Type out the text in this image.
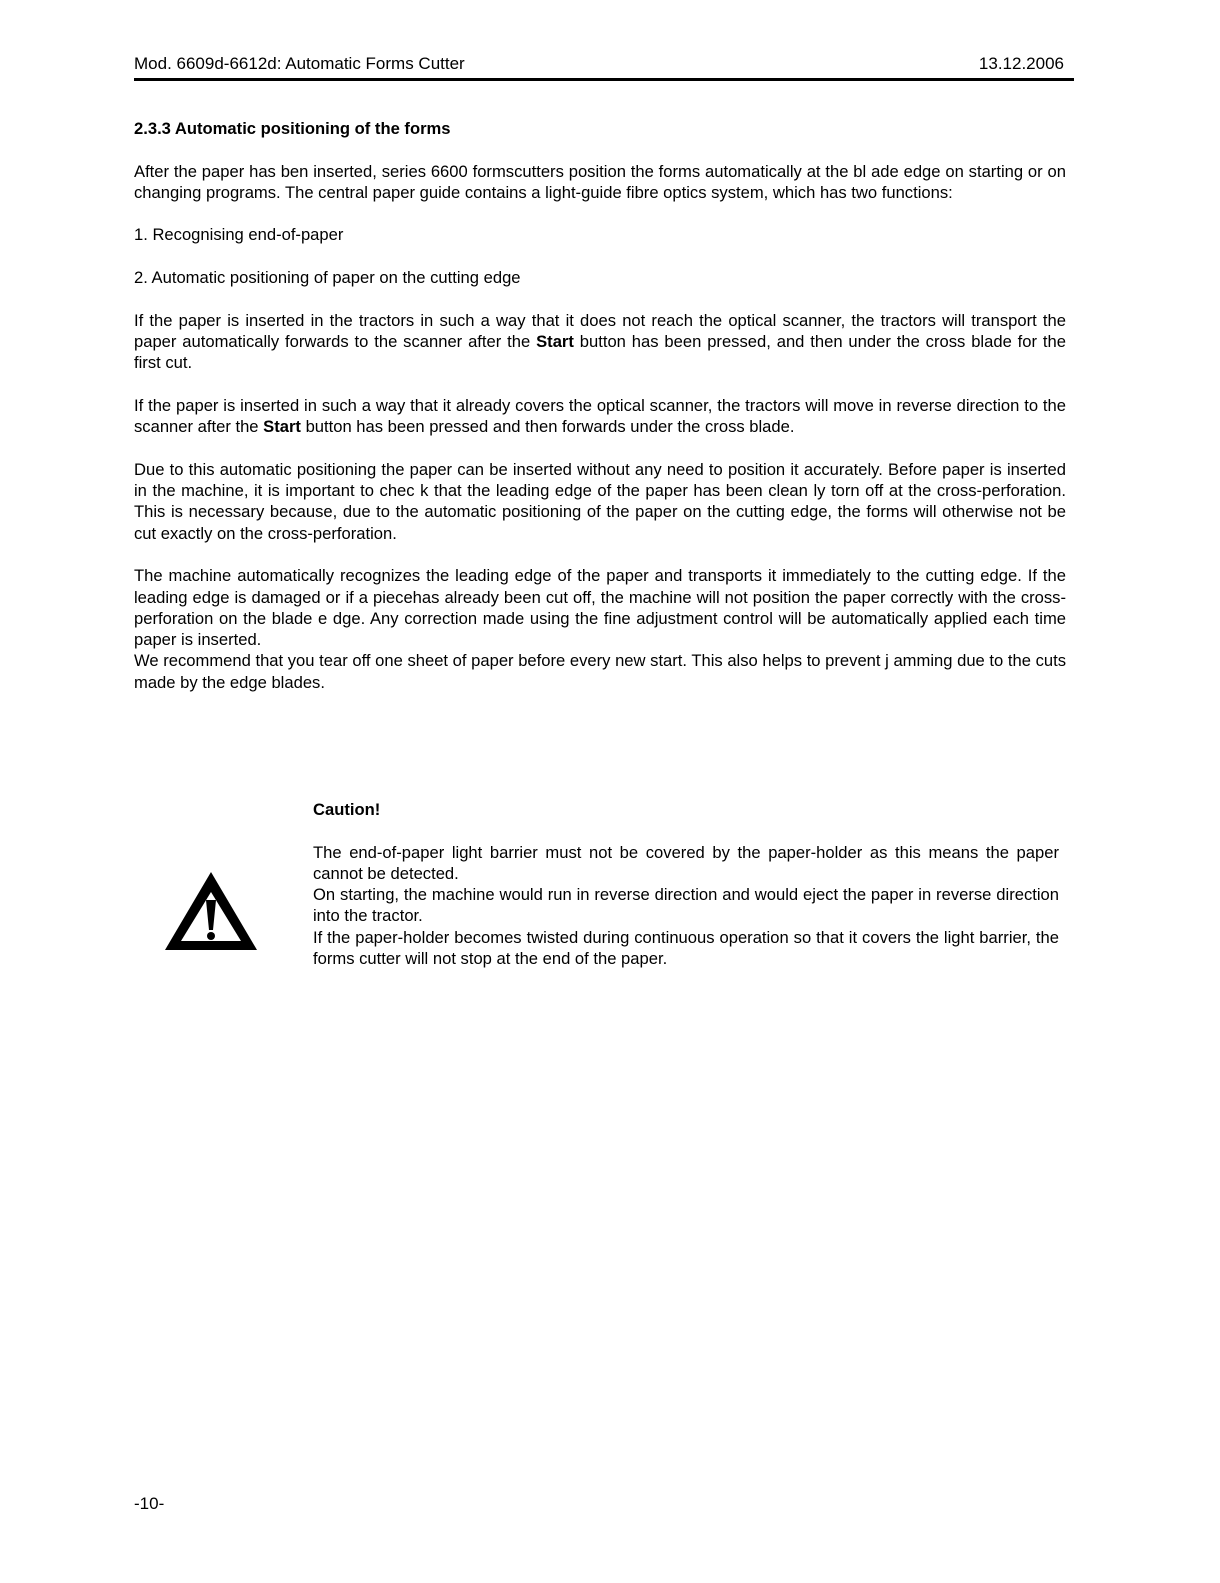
Mod. 6609d-6612d: Automatic Forms Cutter	13.12.2006
2.3.3 Automatic positioning of the forms

After the paper has ben inserted, series 6600 formscutters position the forms automatically at the bl ade edge on starting or on changing programs. The central paper guide contains a light-guide fibre optics system, which has two functions:

1. Recognising end-of-paper

2. Automatic positioning of paper on the cutting edge

If the paper is inserted in the tractors in such a way that it does not reach the optical scanner, the tractors will transport the paper automatically forwards to the scanner after the Start button has been pressed, and then under the cross blade for the first cut.

If the paper is inserted in such a way that it already covers the optical scanner, the tractors will move in reverse direction to the scanner after the Start button has been pressed and then forwards under the cross blade.

Due to this automatic positioning the paper can be inserted without any need to position it accurately. Before paper is inserted in the machine, it is important to chec k that the leading edge of the paper has been clean ly torn off at the cross-perforation. This is necessary because, due to the automatic positioning of the paper on the cutting edge, the forms will otherwise not be cut exactly on the cross-perforation.

The machine automatically recognizes the leading edge of the paper and transports it immediately to the cutting edge. If the leading edge is damaged or if a piecehas already been cut off, the machine will not position the paper correctly with the cross-perforation on the blade e dge. Any correction made using the fine adjustment control will be automatically applied each time paper is inserted.

We recommend that you tear off one sheet of paper before every new start. This also helps to prevent j amming due to the cuts made by the edge blades.

Caution!

The end-of-paper light barrier must not be covered by the paper-holder as this means the paper cannot be detected.

On starting, the machine would run in reverse direction and would eject the paper in reverse direction into the tractor.

If the paper-holder becomes twisted during continuous operation so that it covers the light barrier, the forms cutter will not stop at the end of the paper.

-10-
